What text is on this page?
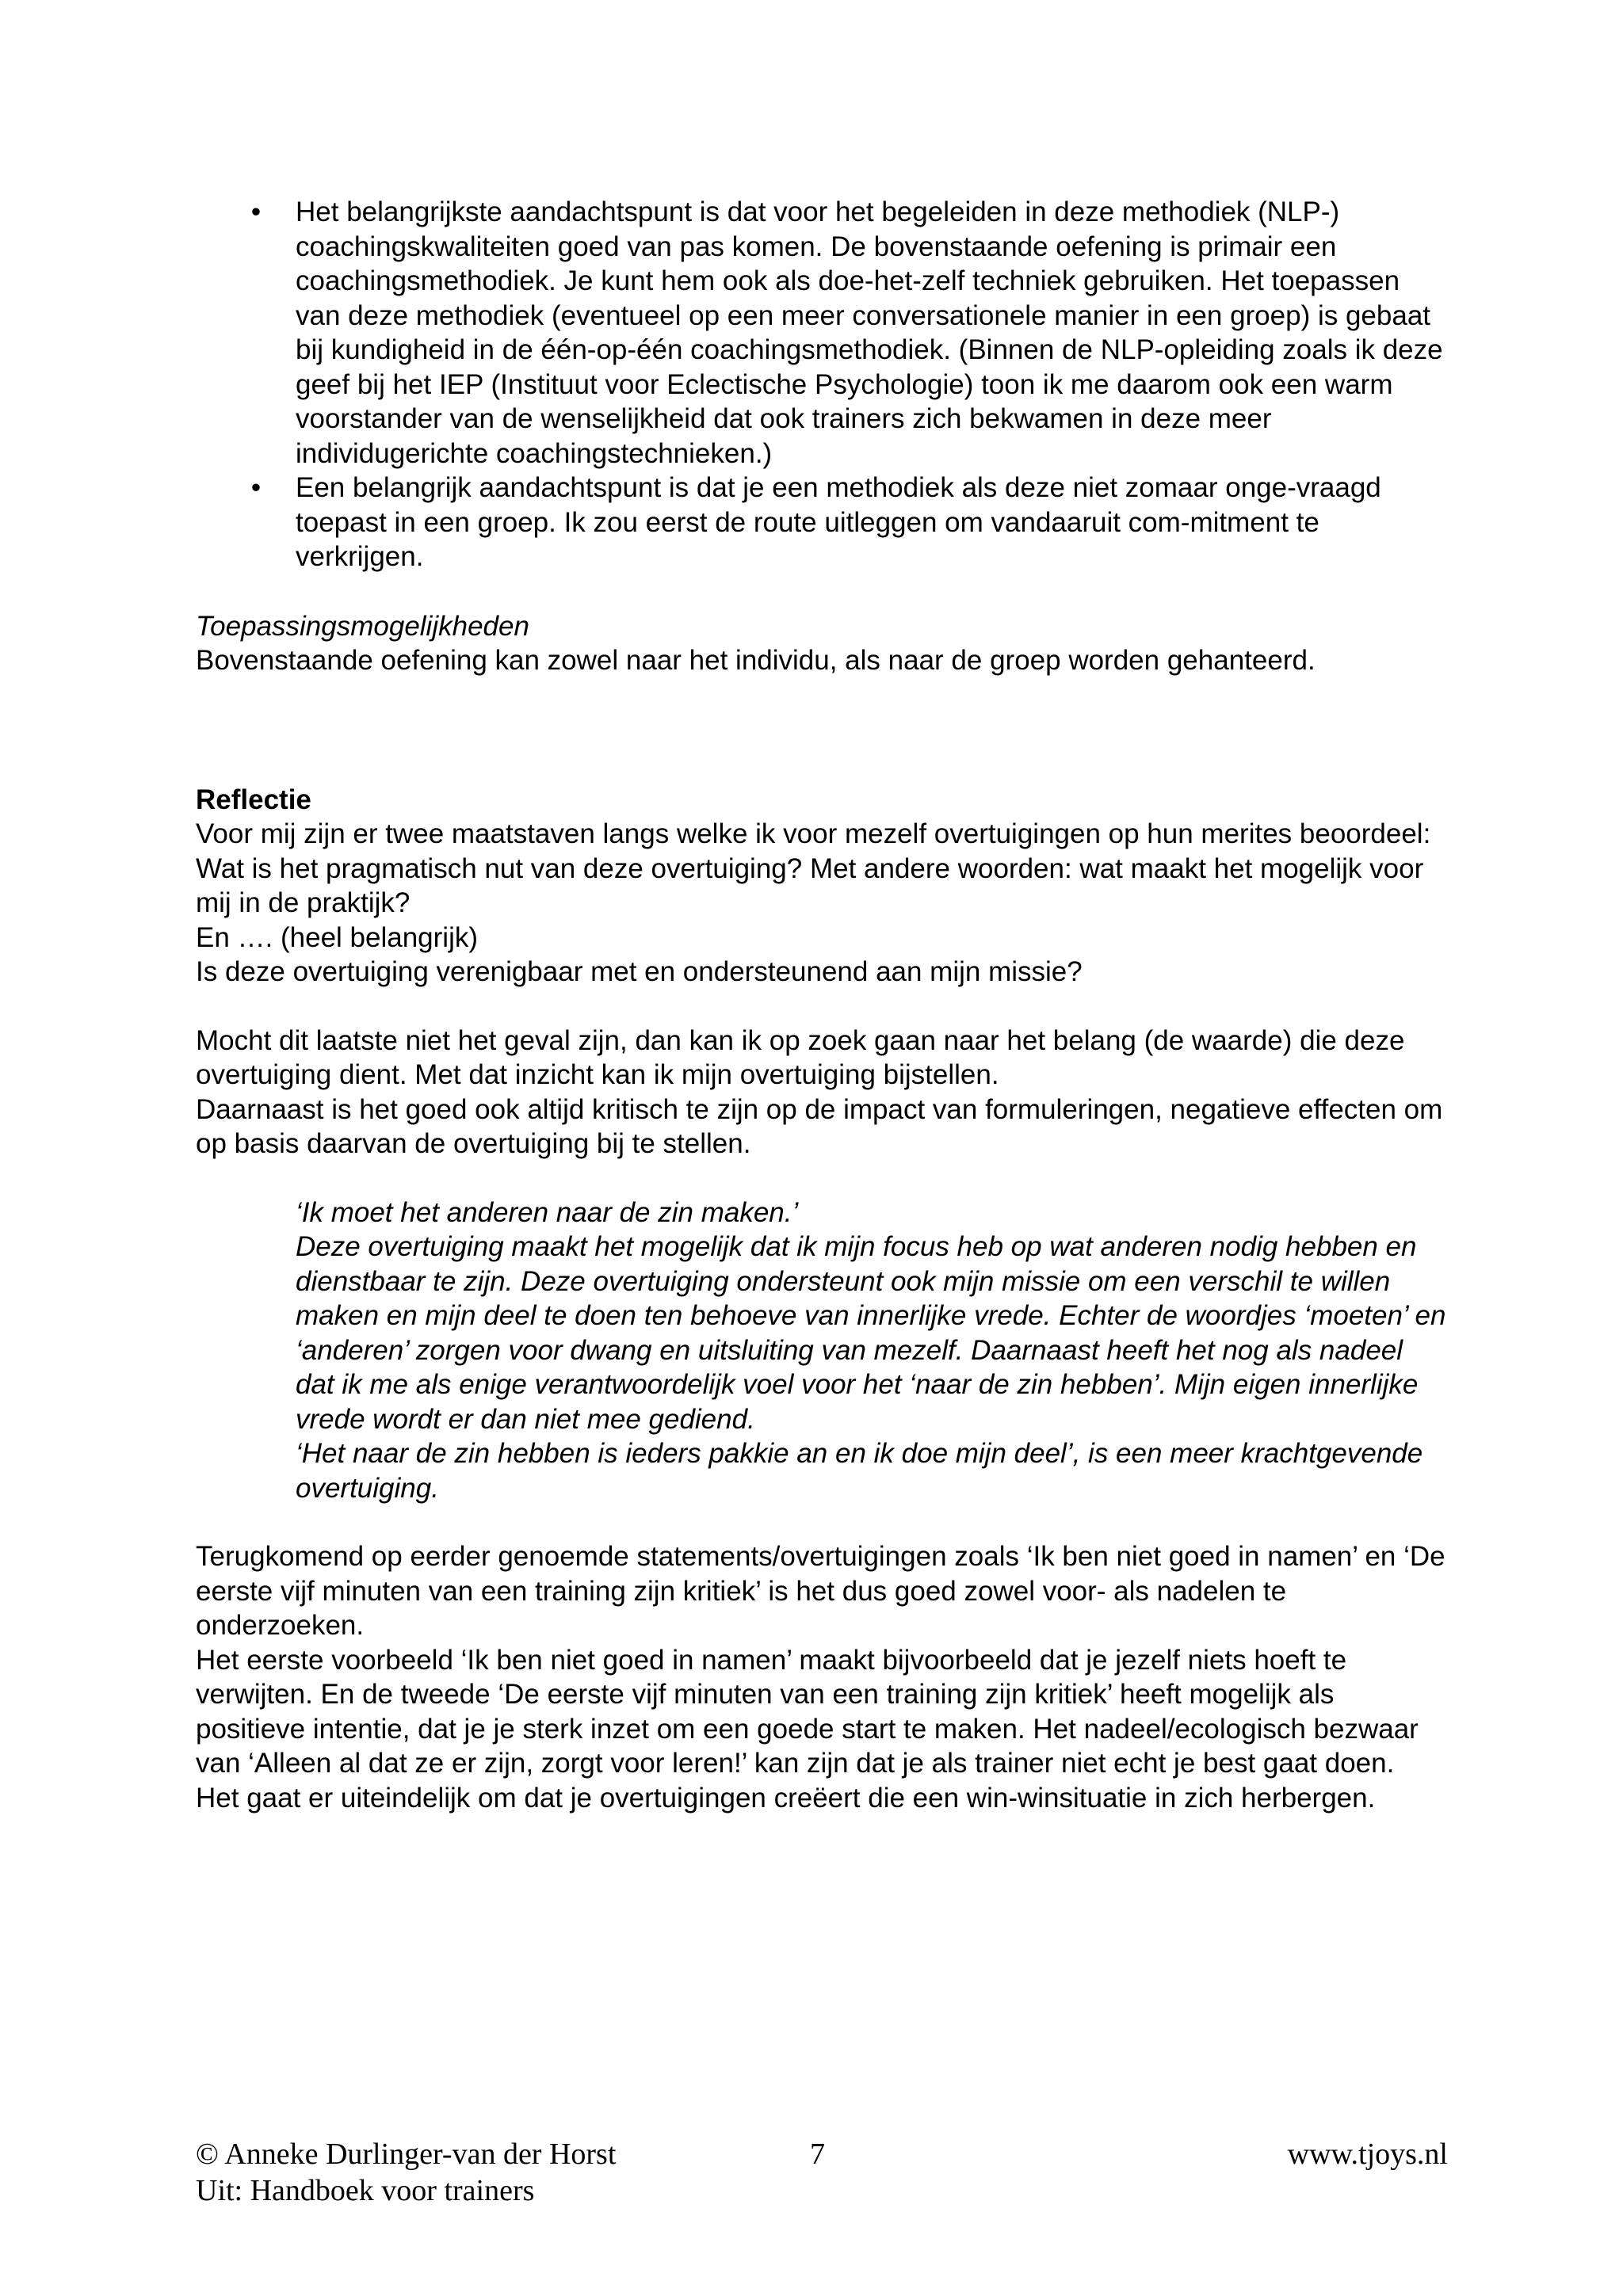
• Het belangrijkste aandachtspunt is dat voor het begeleiden in deze methodiek (NLP-) coachingskwaliteiten goed van pas komen. De bovenstaande oefening is primair een coachingsmethodiek. Je kunt hem ook als doe-het-zelf techniek gebruiken. Het toepassen van deze methodiek (eventueel op een meer conversationele manier in een groep) is gebaat bij kundigheid in de één-op-één coachingsmethodiek. (Binnen de NLP-opleiding zoals ik deze geef bij het IEP (Instituut voor Eclectische Psychologie) toon ik me daarom ook een warm voorstander van de wenselijkheid dat ook trainers zich bekwamen in deze meer individugerichte coachingstechnieken.)
• Een belangrijk aandachtspunt is dat je een methodiek als deze niet zomaar onge-vraagd toepast in een groep. Ik zou eerst de route uitleggen om vandaaruit com-mitment te verkrijgen.
Toepassingsmogelijkheden
Bovenstaande oefening kan zowel naar het individu, als naar de groep worden gehanteerd.
Reflectie
Voor mij zijn er twee maatstaven langs welke ik voor mezelf overtuigingen op hun merites beoordeel:
Wat is het pragmatisch nut van deze overtuiging? Met andere woorden: wat maakt het mogelijk voor mij in de praktijk?
En …. (heel belangrijk)
Is deze overtuiging verenigbaar met en ondersteunend aan mijn missie?
Mocht dit laatste niet het geval zijn, dan kan ik op zoek gaan naar het belang (de waarde) die deze overtuiging dient. Met dat inzicht kan ik mijn overtuiging bijstellen.
Daarnaast is het goed ook altijd kritisch te zijn op de impact van formuleringen, negatieve effecten om op basis daarvan de overtuiging bij te stellen.
‘Ik moet het anderen naar de zin maken.’
Deze overtuiging maakt het mogelijk dat ik mijn focus heb op wat anderen nodig hebben en dienstbaar te zijn. Deze overtuiging ondersteunt ook mijn missie om een verschil te willen maken en mijn deel te doen ten behoeve van innerlijke vrede. Echter de woordjes ‘moeten’ en ‘anderen’ zorgen voor dwang en uitsluiting van mezelf. Daarnaast heeft het nog als nadeel dat ik me als enige verantwoordelijk voel voor het ‘naar de zin hebben’. Mijn eigen innerlijke vrede wordt er dan niet mee gediend.
‘Het naar de zin hebben is ieders pakkie an en ik doe mijn deel’, is een meer krachtgevende overtuiging.
Terugkomend op eerder genoemde statements/overtuigingen zoals ‘Ik ben niet goed in namen’ en ‘De eerste vijf minuten van een training zijn kritiek’ is het dus goed zowel voor- als nadelen te onderzoeken.
Het eerste voorbeeld ‘Ik ben niet goed in namen’ maakt bijvoorbeeld dat je jezelf niets hoeft te verwijten. En de tweede ‘De eerste vijf minuten van een training zijn kritiek’ heeft mogelijk als positieve intentie, dat je je sterk inzet om een goede start te maken. Het nadeel/ecologisch bezwaar van ‘Alleen al dat ze er zijn, zorgt voor leren!’ kan zijn dat je als trainer niet echt je best gaat doen.
Het gaat er uiteindelijk om dat je overtuigingen creëert die een win-winsituatie in zich herbergen.
© Anneke Durlinger-van der Horst	7	www.tjoys.nl
Uit: Handboek voor trainers
